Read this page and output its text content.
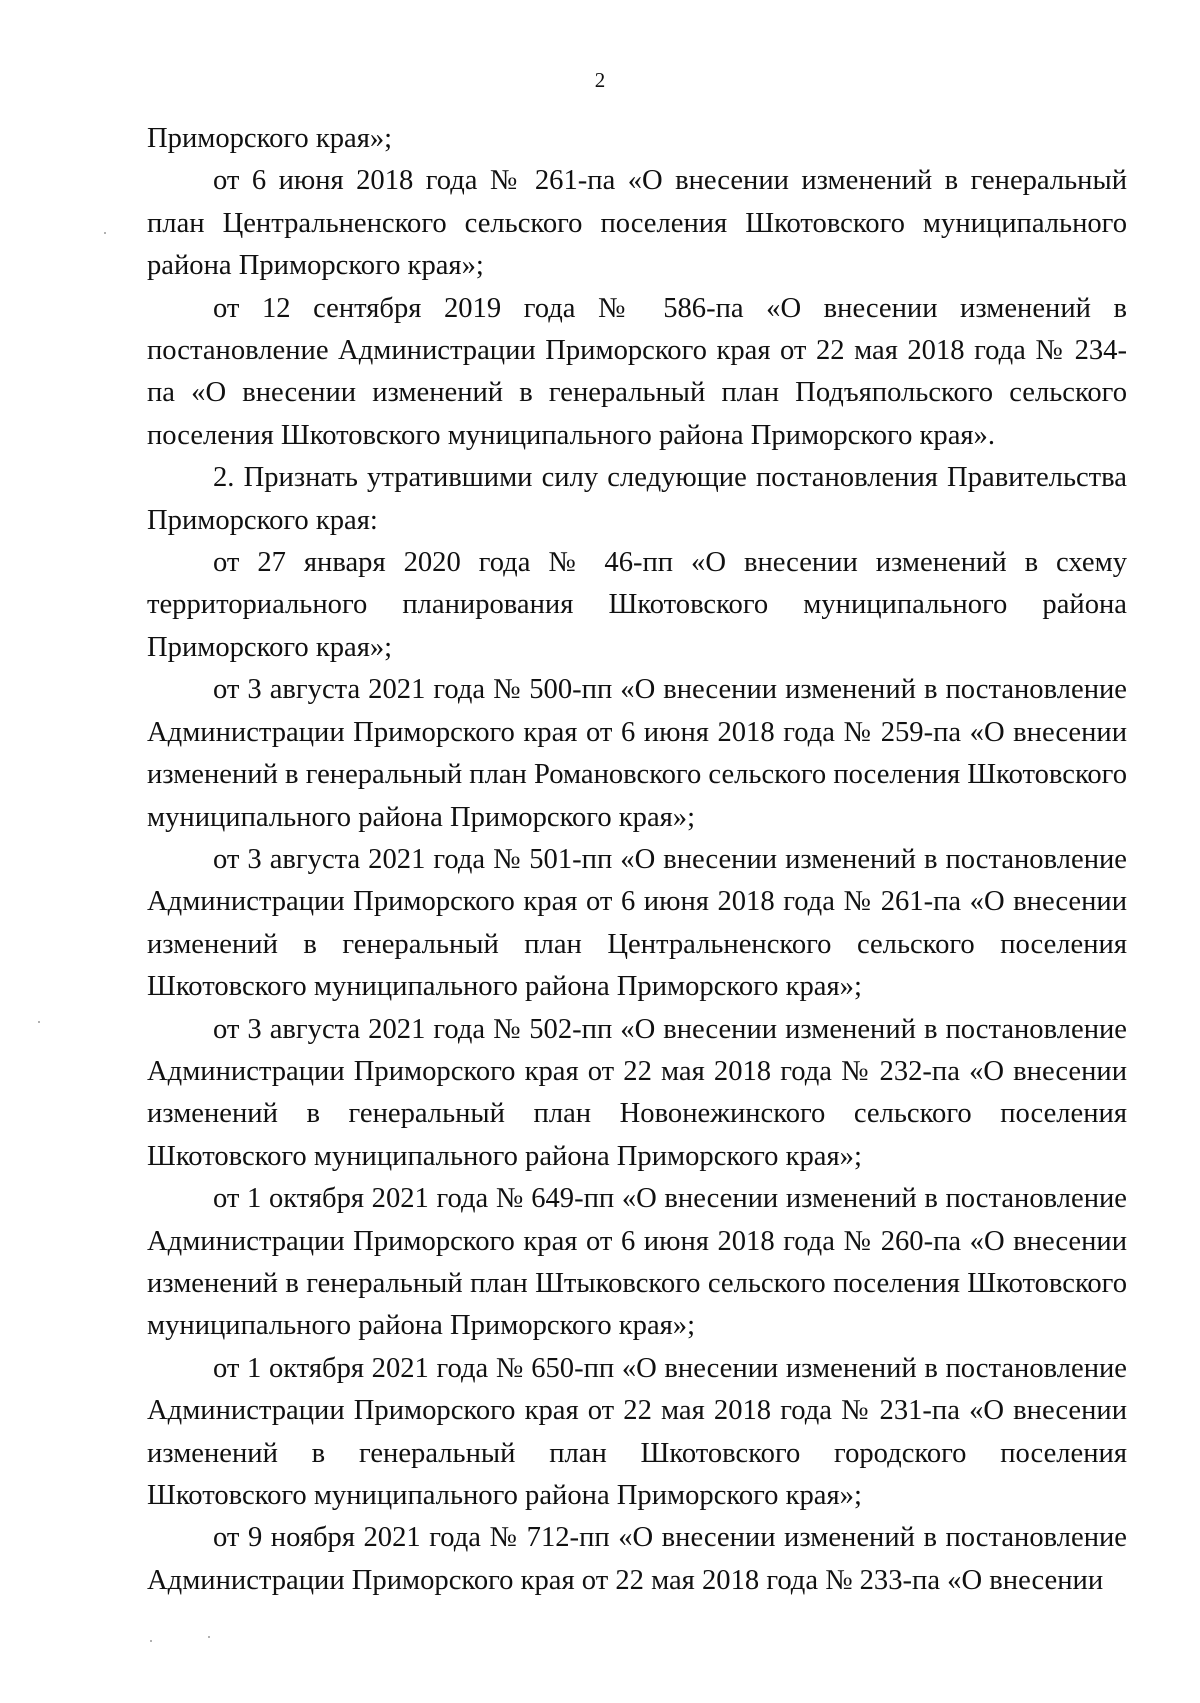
2

Приморского края»;

от 6 июня 2018 года № 261-па «О внесении изменений в генеральный план Центральненского сельского поселения Шкотовского муниципального района Приморского края»;

от 12 сентября 2019 года № 586-па «О внесении изменений в постановление Администрации Приморского края от 22 мая 2018 года № 234-па «О внесении изменений в генеральный план Подъяпольского сельского поселения Шкотовского муниципального района Приморского края».

2. Признать утратившими силу следующие постановления Правительства Приморского края:

от 27 января 2020 года № 46-пп «О внесении изменений в схему территориального планирования Шкотовского муниципального района Приморского края»;

от 3 августа 2021 года № 500-пп «О внесении изменений в постановление Администрации Приморского края от 6 июня 2018 года № 259-па «О внесении изменений в генеральный план Романовского сельского поселения Шкотовского муниципального района Приморского края»;

от 3 августа 2021 года № 501-пп «О внесении изменений в постановление Администрации Приморского края от 6 июня 2018 года № 261-па «О внесении изменений в генеральный план Центральненского сельского поселения Шкотовского муниципального района Приморского края»;

от 3 августа 2021 года № 502-пп «О внесении изменений в постановление Администрации Приморского края от 22 мая 2018 года № 232-па «О внесении изменений в генеральный план Новонежинского сельского поселения Шкотовского муниципального района Приморского края»;

от 1 октября 2021 года № 649-пп «О внесении изменений в постановление Администрации Приморского края от 6 июня 2018 года № 260-па «О внесении изменений в генеральный план Штыковского сельского поселения Шкотовского муниципального района Приморского края»;

от 1 октября 2021 года № 650-пп «О внесении изменений в постановление Администрации Приморского края от 22 мая 2018 года № 231-па «О внесении изменений в генеральный план Шкотовского городского поселения Шкотовского муниципального района Приморского края»;

от 9 ноября 2021 года № 712-пп «О внесении изменений в постановление Администрации Приморского края от 22 мая 2018 года № 233-па «О внесении
